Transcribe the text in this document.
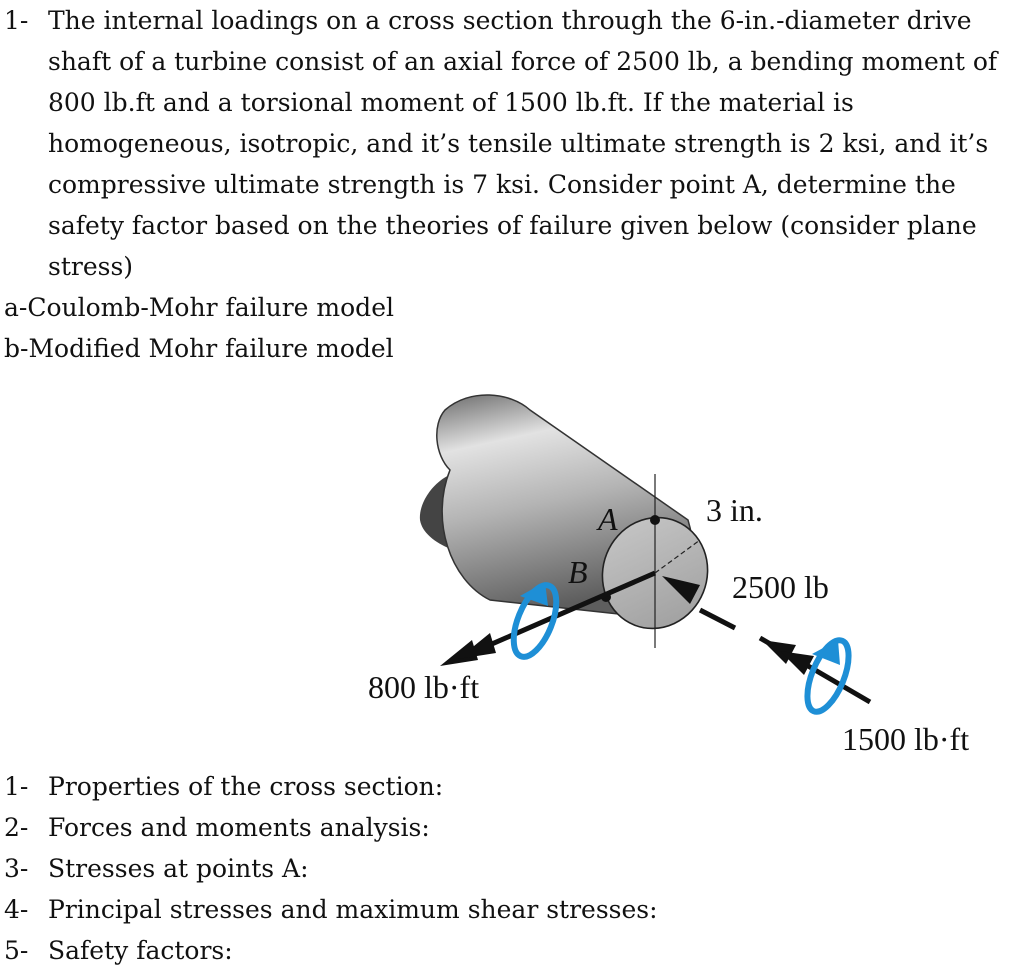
1- The internal loadings on a cross section through the 6-in.-diameter drive shaft of a turbine consist of an axial force of 2500 lb, a bending moment of 800 lb.ft and a torsional moment of 1500 lb.ft. If the material is homogeneous, isotropic, and it’s tensile ultimate strength is 2 ksi, and it’s compressive ultimate strength is 7 ksi. Consider point A, determine the safety factor based on the theories of failure given below (consider plane stress)
a-Coulomb-Mohr failure model
b-Modified Mohr failure model
A
B
3 in.
2500 lb
800 lb·ft
1500 lb·ft
1- Properties of the cross section:
2- Forces and moments analysis:
3- Stresses at points A:
4- Principal stresses and maximum shear stresses:
5- Safety factors:
